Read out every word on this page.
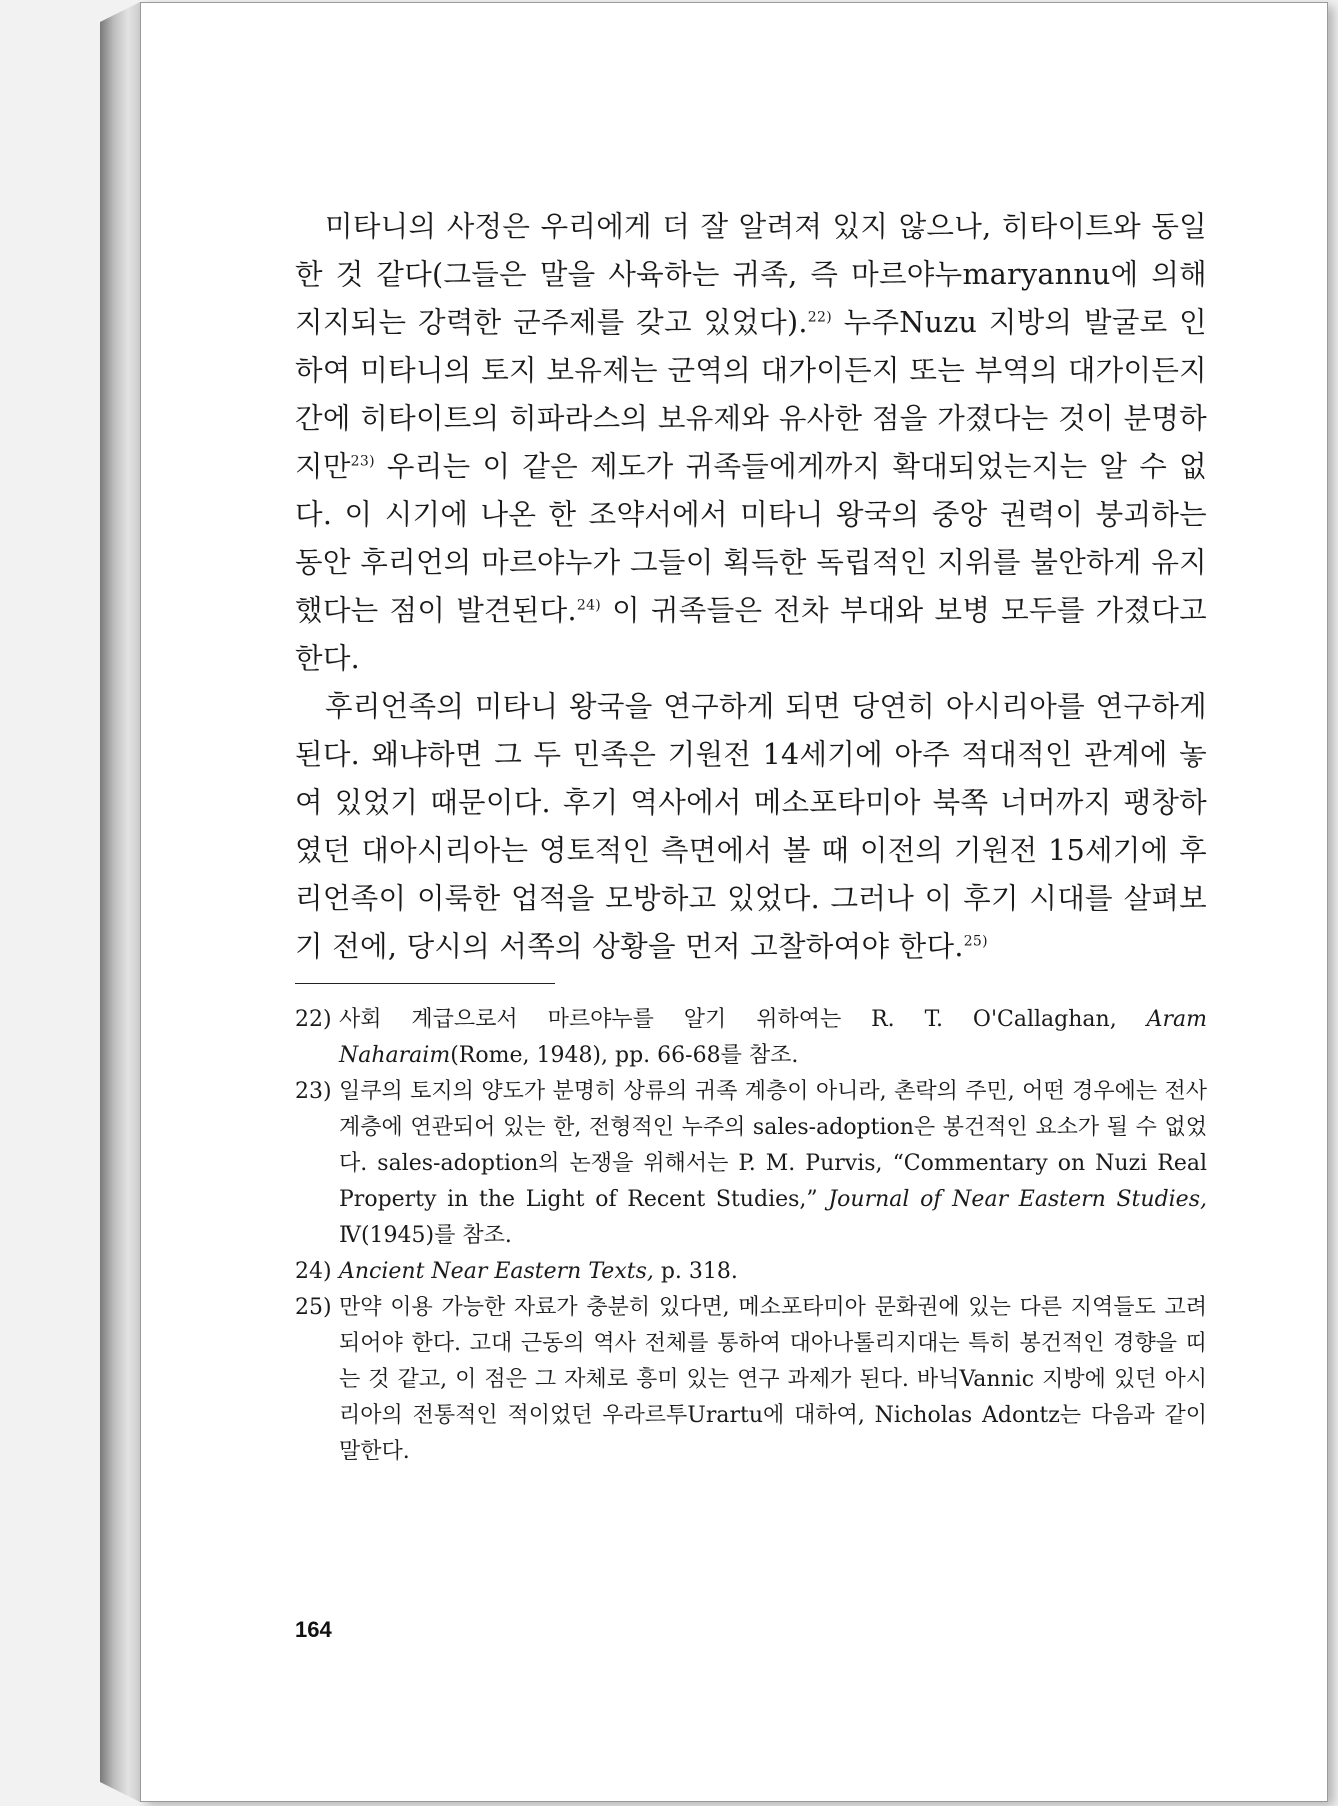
미타니의 사정은 우리에게 더 잘 알려져 있지 않으나, 히타이트와 동일한 것 같다(그들은 말을 사육하는 귀족, 즉 마르야누maryannu에 의해 지지되는 강력한 군주제를 갖고 있었다).$^{22)}$ 누주Nuzu 지방의 발굴로 인하여 미타니의 토지 보유제는 군역의 대가이든지 또는 부역의 대가이든지 간에 히타이트의 히파라스의 보유제와 유사한 점을 가졌다는 것이 분명하지만$^{23)}$ 우리는 이 같은 제도가 귀족들에게까지 확대되었는지는 알 수 없다. 이 시기에 나온 한 조약서에서 미타니 왕국의 중앙 권력이 붕괴하는 동안 후리언의 마르야누가 그들이 획득한 독립적인 지위를 불안하게 유지했다는 점이 발견된다.$^{24)}$ 이 귀족들은 전차 부대와 보병 모두를 가졌다고 한다.

후리언족의 미타니 왕국을 연구하게 되면 당연히 아시리아를 연구하게 된다. 왜냐하면 그 두 민족은 기원전 14세기에 아주 적대적인 관계에 놓여 있었기 때문이다. 후기 역사에서 메소포타미아 북쪽 너머까지 팽창하였던 대아시리아는 영토적인 측면에서 볼 때 이전의 기원전 15세기에 후리언족이 이룩한 업적을 모방하고 있었다. 그러나 이 후기 시대를 살펴보기 전에, 당시의 서쪽의 상황을 먼저 고찰하여야 한다.$^{25)}$

22) 사회 계급으로서 마르야누를 알기 위하여는 R. T. O'Callaghan, Aram Naharaim(Rome, 1948), pp. 66-68를 참조.
23) 일쿠의 토지의 양도가 분명히 상류의 귀족 계층이 아니라, 촌락의 주민, 어떤 경우에는 전사 계층에 연관되어 있는 한, 전형적인 누주의 sales-adoption은 봉건적인 요소가 될 수 없었다. sales-adoption의 논쟁을 위해서는 P. M. Purvis, “Commentary on Nuzi Real Property in the Light of Recent Studies,” Journal of Near Eastern Studies, Ⅳ(1945)를 참조.
24) Ancient Near Eastern Texts, p. 318.
25) 만약 이용 가능한 자료가 충분히 있다면, 메소포타미아 문화권에 있는 다른 지역들도 고려되어야 한다. 고대 근동의 역사 전체를 통하여 대아나톨리지대는 특히 봉건적인 경향을 띠는 것 같고, 이 점은 그 자체로 흥미 있는 연구 과제가 된다. 바닉Vannic 지방에 있던 아시리아의 전통적인 적이었던 우라르투Urartu에 대하여, Nicholas Adontz는 다음과 같이 말한다.
164
